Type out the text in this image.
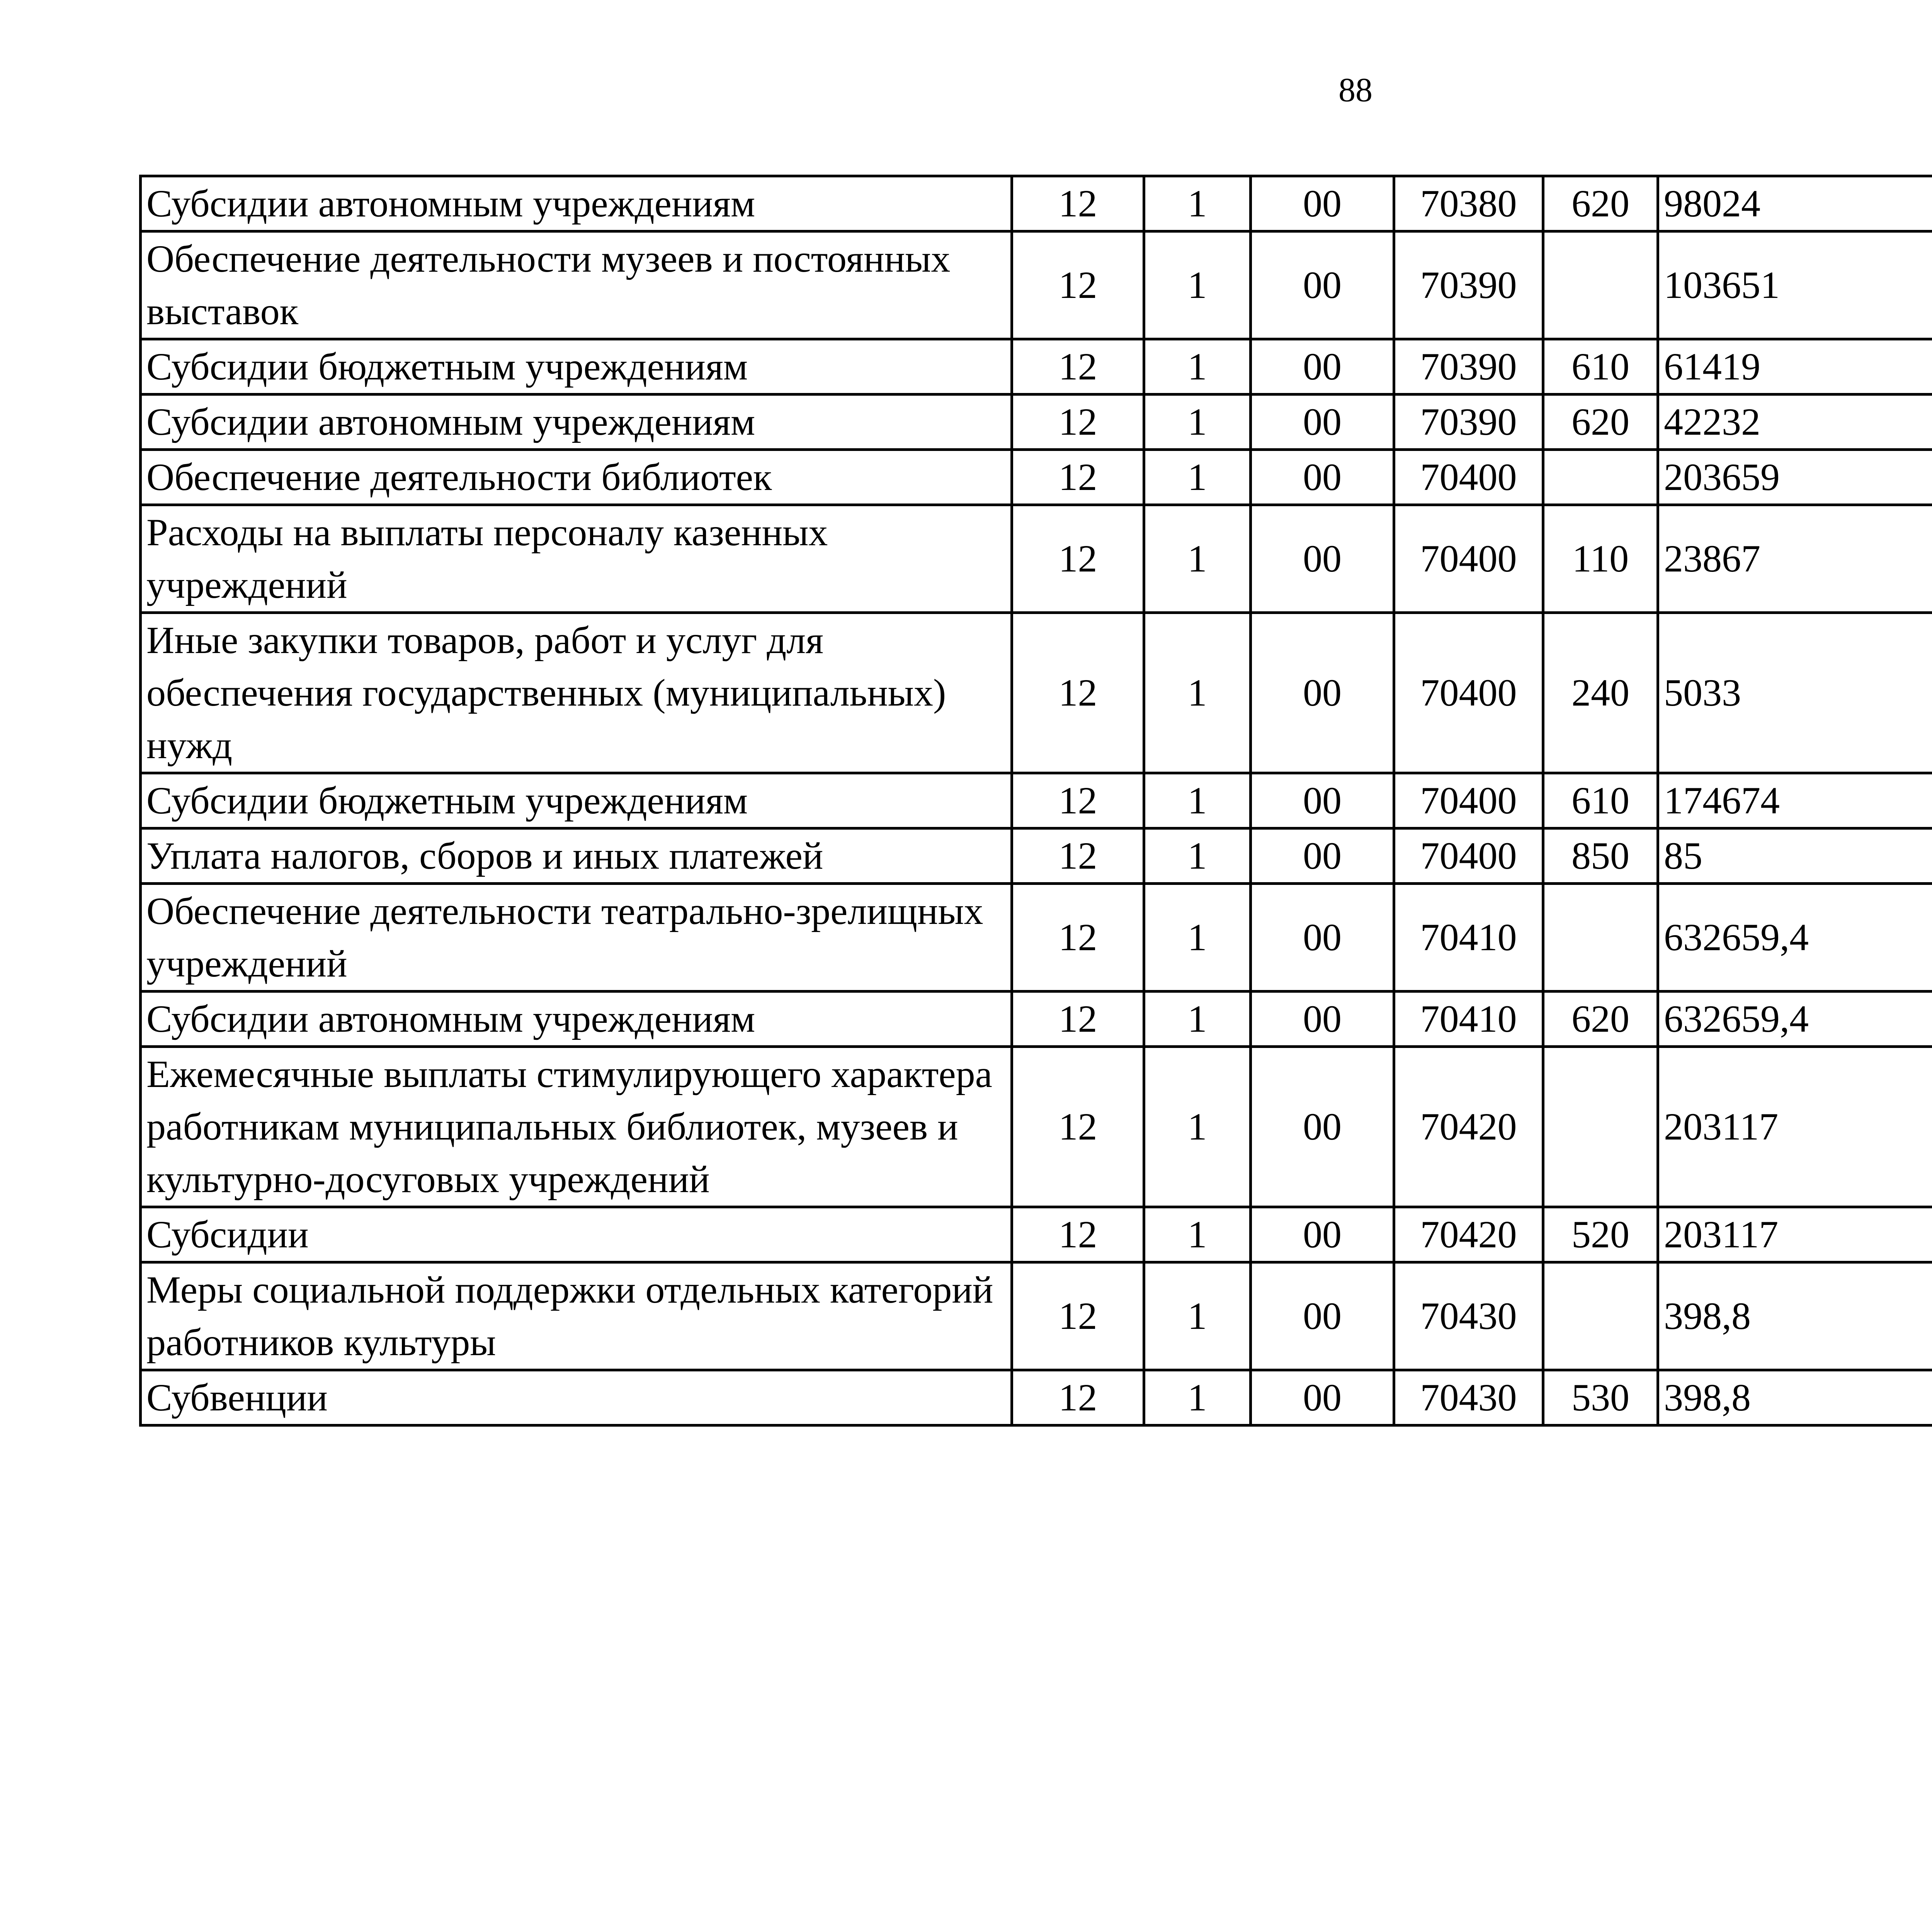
88
Субсидии автономным учреждениям	12	1	00	70380	620	98024		
Обеспечение деятельности музеев и постоянных выставок	12	1	00	70390		103651		
Субсидии бюджетным учреждениям	12	1	00	70390	610	61419		
Субсидии автономным учреждениям	12	1	00	70390	620	42232		
Обеспечение деятельности библиотек	12	1	00	70400		203659		
Расходы на выплаты персоналу казенных учреждений	12	1	00	70400	110	23867		
Иные закупки товаров, работ и услуг для обеспечения государственных (муниципальных) нужд	12	1	00	70400	240	5033		
Субсидии бюджетным учреждениям	12	1	00	70400	610	174674		
Уплата налогов, сборов и иных платежей	12	1	00	70400	850	85		
Обеспечение деятельности театрально-зрелищных учреждений	12	1	00	70410		632659,4		
Субсидии автономным учреждениям	12	1	00	70410	620	632659,4		
Ежемесячные выплаты стимулирующего характера работникам муниципальных библиотек, музеев и культурно-досуговых учреждений	12	1	00	70420		203117		
Субсидии	12	1	00	70420	520	203117		
Меры социальной поддержки отдельных категорий работников культуры	12	1	00	70430		398,8		
Субвенции	12	1	00	70430	530	398,8		
